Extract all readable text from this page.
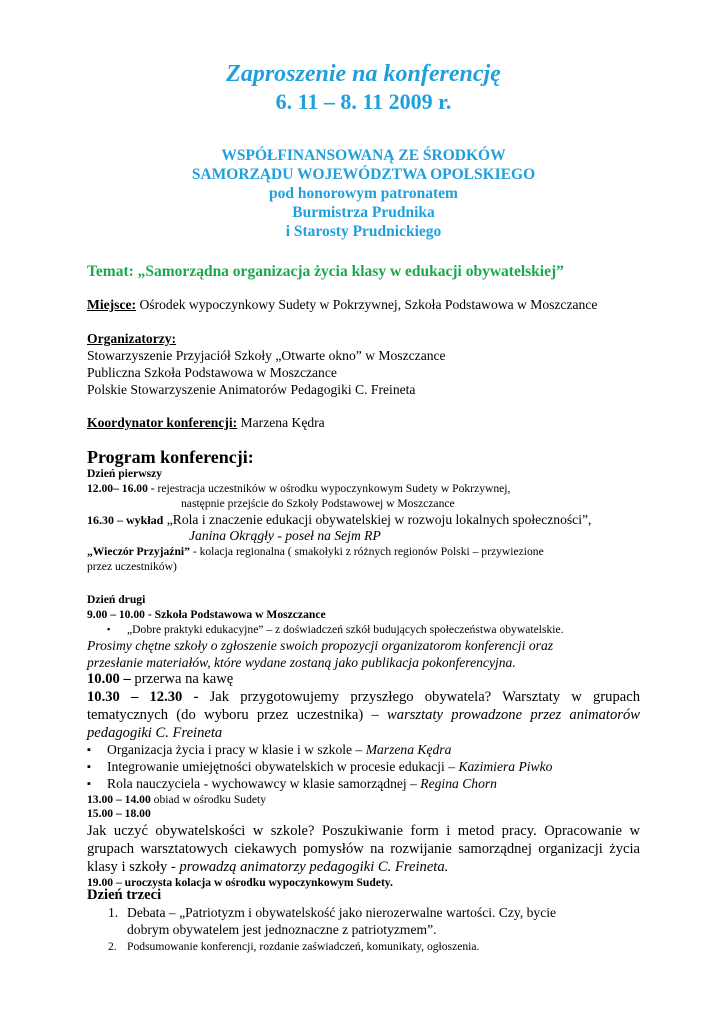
Zaproszenie na konferencję
6. 11 – 8. 11 2009 r.
WSPÓŁFINANSOWANĄ ZE ŚRODKÓW
SAMORZĄDU WOJEWÓDZTWA OPOLSKIEGO
pod honorowym patronatem
Burmistrza Prudnika
i Starosty Prudnickiego
Temat: „Samorządna organizacja życia klasy w edukacji obywatelskiej”
Miejsce: Ośrodek wypoczynkowy Sudety w Pokrzywnej, Szkoła Podstawowa w Moszczance
Organizatorzy:
Stowarzyszenie Przyjaciół Szkoły „Otwarte okno” w Moszczance
Publiczna Szkoła Podstawowa w Moszczance
Polskie Stowarzyszenie Animatorów Pedagogiki C. Freineta
Koordynator konferencji: Marzena Kędra
Program konferencji:
Dzień pierwszy
12.00– 16.00 - rejestracja uczestników w ośrodku wypoczynkowym Sudety w Pokrzywnej,
następnie przejście do Szkoły Podstawowej w Moszczance
16.30 – wykład „Rola i znaczenie edukacji obywatelskiej w rozwoju lokalnych społeczności”,
Janina Okrągły - poseł na Sejm RP
„Wieczór Przyjaźni” - kolacja regionalna ( smakołyki z różnych regionów Polski – przywiezione
przez uczestników)
Dzień drugi
9.00 – 10.00 - Szkoła Podstawowa w Moszczance
▪ „Dobre praktyki edukacyjne” – z doświadczeń szkół budujących społeczeństwa obywatelskie.
Prosimy chętne szkoły o zgłoszenie swoich propozycji organizatorom konferencji oraz
przesłanie materiałów, które wydane zostaną jako publikacja pokonferencyjna.
10.00 – przerwa na kawę
10.30 – 12.30 - Jak przygotowujemy przyszłego obywatela? Warsztaty w grupach
tematycznych (do wyboru przez uczestnika) – warsztaty prowadzone przez animatorów
pedagogiki C. Freineta
▪ Organizacja życia i pracy w klasie i w szkole – Marzena Kędra
▪ Integrowanie umiejętności obywatelskich w procesie edukacji – Kazimiera Piwko
▪ Rola nauczyciela - wychowawcy w klasie samorządnej – Regina Chorn
13.00 – 14.00 obiad w ośrodku Sudety
15.00 – 18.00
Jak uczyć obywatelskości w szkole? Poszukiwanie form i metod pracy. Opracowanie w
grupach warsztatowych ciekawych pomysłów na rozwijanie samorządnej organizacji życia
klasy i szkoły - prowadzą animatorzy pedagogiki C. Freineta.
19.00 – uroczysta kolacja w ośrodku wypoczynkowym Sudety.
Dzień trzeci
1. Debata – „Patriotyzm i obywatelskość jako nierozerwalne wartości. Czy, bycie
dobrym obywatelem jest jednoznaczne z patriotyzmem”.
2. Podsumowanie konferencji, rozdanie zaświadczeń, komunikaty, ogłoszenia.
